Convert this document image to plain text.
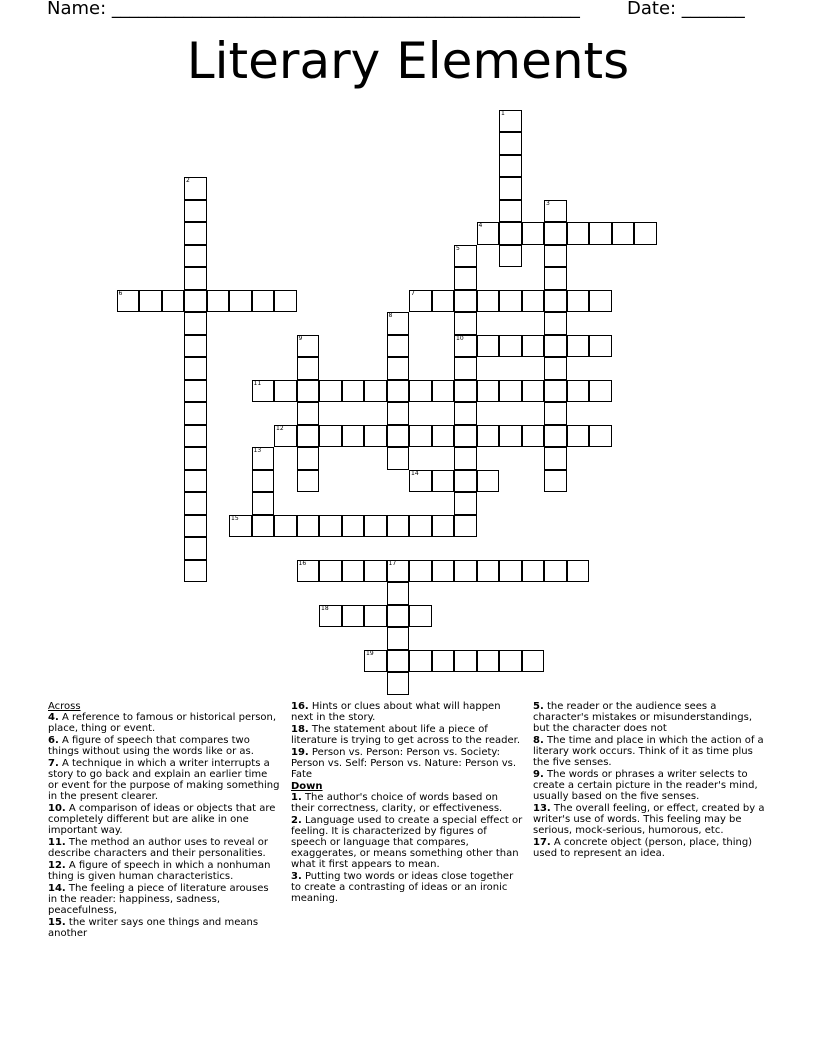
Name: ____________________________________________________	Date: _______
Literary Elements
1
2
3
4
5
10
6	7
8
9
11
12
13
14
15
16	17
18
19
Across
4. A reference to famous or historical person, place, thing or event.
6. A figure of speech that compares two things without using the words like or as.
7. A technique in which a writer interrupts a story to go back and explain an earlier time or event for the purpose of making something in the present clearer.
10. A comparison of ideas or objects that are completely different but are alike in one important way.
11. The method an author uses to reveal or describe characters and their personalities.
12. A figure of speech in which a nonhuman thing is given human characteristics.
14. The feeling a piece of literature arouses in the reader: happiness, sadness, peacefulness,
15. the writer says one things and means another
16. Hints or clues about what will happen next in the story.
18. The statement about life a piece of literature is trying to get across to the reader.
19. Person vs. Person: Person vs. Society: Person vs. Self: Person vs. Nature: Person vs. Fate
Down
1. The author's choice of words based on their correctness, clarity, or effectiveness.
2. Language used to create a special effect or feeling. It is characterized by figures of speech or language that compares, exaggerates, or means something other than what it first appears to mean.
3. Putting two words or ideas close together to create a contrasting of ideas or an ironic meaning.
5. the reader or the audience sees a character's mistakes or misunderstandings, but the character does not
8. The time and place in which the action of a literary work occurs. Think of it as time plus the five senses.
9. The words or phrases a writer selects to create a certain picture in the reader's mind, usually based on the five senses.
13. The overall feeling, or effect, created by a writer's use of words. This feeling may be serious, mock-serious, humorous, etc.
17. A concrete object (person, place, thing) used to represent an idea.
